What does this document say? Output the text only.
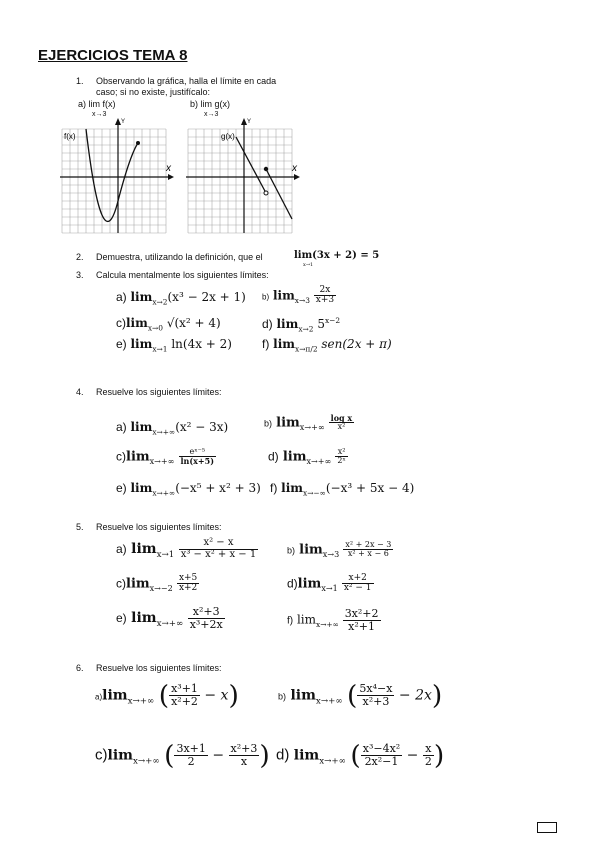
EJERCICIOS TEMA 8
1. Observando la gráfica, halla el límite en cada
caso; si no existe, justifícalo:
a) lim f(x)
x→3
b) lim g(x)
x→3
f(x)
x
Y
g(x)
x
Y
2. Demuestra, utilizando la definición, que el	lim(3x + 2) = 5
x→1
3. Calcula mentalmente los siguientes límites:
a) $\lim_{x\to 2}(x^3 - 2x + 1)$ b) $\lim_{x\to 3} \frac{2x}{x+3}$
$c)\lim_{x\to 0}$ √(x² + 4)	d) $\lim_{x\to 2} 5^{x-2}$
e) $\lim_{x\to 1} \ln(4x + 2)$	f) $\lim_{x\to\pi/2} sen(2x + \pi)$
4. Resuelve los siguientes límites:
a) $\lim_{x\to+\infty}(x^2 - 3x)$	b) $\lim_{x\to+\infty} \frac{\text{log x}}{\text{x²}}$
$c)\lim_{x\to+\infty} \frac{\text{eˣ⁻⁵}}{\ln(x+5)}$	d) $\lim_{x\to+\infty} \frac{\text{x²}}{\text{2ˣ}}$
e) $\lim_{x\to+\infty}(-x^5 + x^2 + 3)$ f) $\lim_{x\to-\infty}(-x^3 + 5x - 4)$
5. Resuelve los siguientes límites:
a) $\lim_{x\to 1} \frac{\text{x² − x}}{\text{x³ − x² + x − 1}}$	b) $\lim_{x\to 3} \frac{\text{x² + 2x − 3}}{\text{x² + x − 6}}$
$c)\lim_{x\to-2} \frac{x+5}{x+2}$	$d)\lim_{x\to 1} \frac{x+2}{\text{x² − 1}}$
e) $\lim_{x\to+\infty} \frac{\text{x²+3}}{\text{x³+2x}}$	f) $\lim_{x\to+\infty} \frac{\text{3x²+2}}{\text{x²+1}}$
6. Resuelve los siguientes límites:
$a)\lim_{x\to+\infty}$ ( $\frac{\text{x³+1}}{\text{x²+2}} - x$)	b) $\lim_{x\to+\infty}$ ( $\frac{\text{5x⁴−x}}{\text{x²+3}} - 2x$)
$c)\lim_{x\to+\infty}$ ( $\frac{3x+1}{2} - \frac{\text{x²+3}}{x}$ ) d) $\lim_{x\to+\infty}$ ( $\frac{\text{x³−4x²}}{\text{2x²−1}} - \frac{x}{2}$ )
